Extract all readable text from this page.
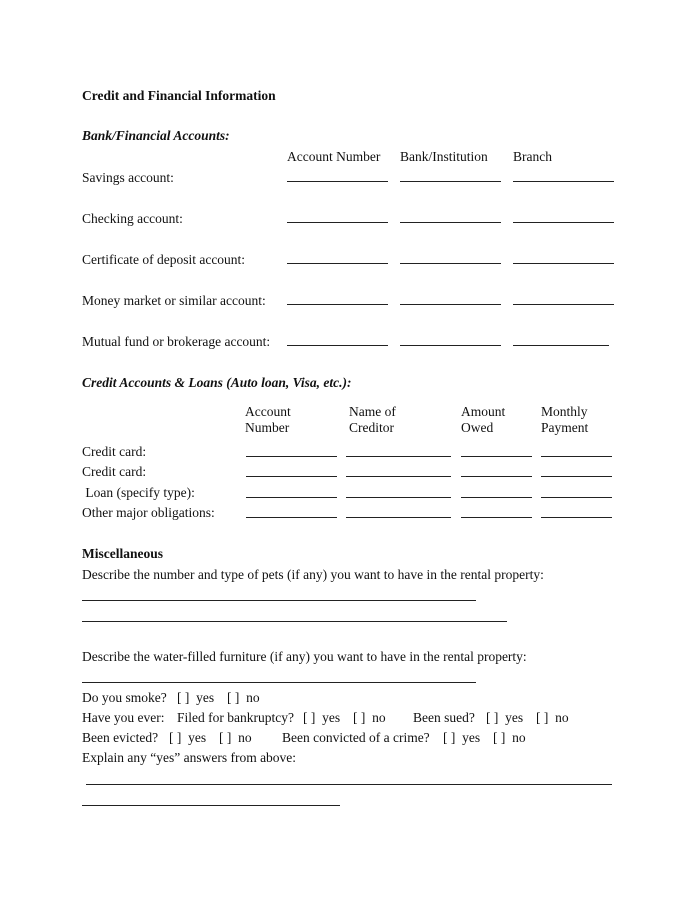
Credit and Financial Information
Bank/Financial Accounts:
Account Number Bank/Institution Branch
Savings account:
Checking account:
Certificate of deposit account:
Money market or similar account:
Mutual fund or brokerage account:
Credit Accounts & Loans (Auto loan, Visa, etc.):
Account
Number
Name of
Creditor
Amount
Owed
Monthly
Payment
Credit card:
Credit card:
Loan (specify type):
Other major obligations:
Miscellaneous
Describe the number and type of pets (if any) you want to have in the rental property:
Describe the water-filled furniture (if any) you want to have in the rental property:
Do you smoke? [ ]  yes [ ]  no
Have you ever: Filed for bankruptcy? [ ]  yes [ ]  no Been sued? [ ]  yes [ ]  no
Been evicted? [ ]  yes [ ]  no Been convicted of a crime? [ ]  yes [ ]  no
Explain any “yes” answers from above:
